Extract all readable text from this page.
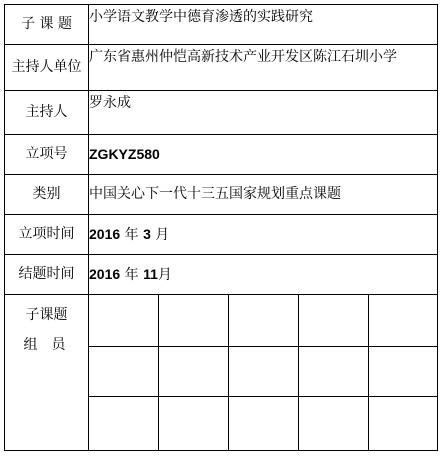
子 课 题	小学语文教学中德育渗透的实践研究				
主持人单位	广东省惠州仲恺高新技术产业开发区陈江石圳小学				
主持人	罗永成				
立项号	ZGKYZ580				
类别	中国关心下一代十三五国家规划重点课题				
立项时间	2016 年 3 月				
结题时间	2016 年 11月				

子课题
组员					
